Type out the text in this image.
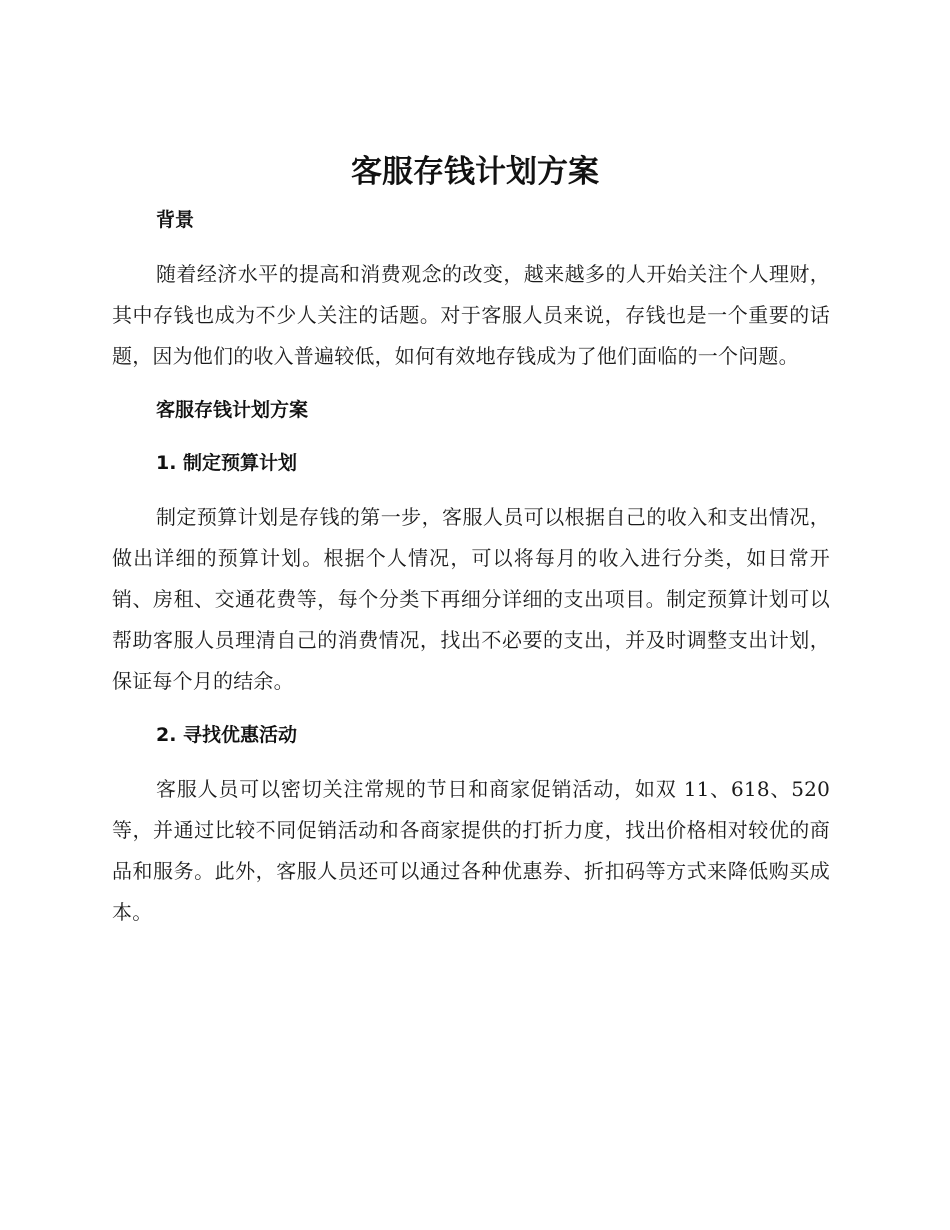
客服存钱计划方案
背景

随着经济水平的提高和消费观念的改变，越来越多的人开始关注个人理财，其中存钱也成为不少人关注的话题。对于客服人员来说，存钱也是一个重要的话题，因为他们的收入普遍较低，如何有效地存钱成为了他们面临的一个问题。

客服存钱计划方案
1. 制定预算计划

制定预算计划是存钱的第一步，客服人员可以根据自己的收入和支出情况，做出详细的预算计划。根据个人情况，可以将每月的收入进行分类，如日常开销、房租、交通花费等，每个分类下再细分详细的支出项目。制定预算计划可以帮助客服人员理清自己的消费情况，找出不必要的支出，并及时调整支出计划，保证每个月的结余。

2. 寻找优惠活动

客服人员可以密切关注常规的节日和商家促销活动，如双 11、618、520 等，并通过比较不同促销活动和各商家提供的打折力度，找出价格相对较优的商品和服务。此外，客服人员还可以通过各种优惠券、折扣码等方式来降低购买成本。
